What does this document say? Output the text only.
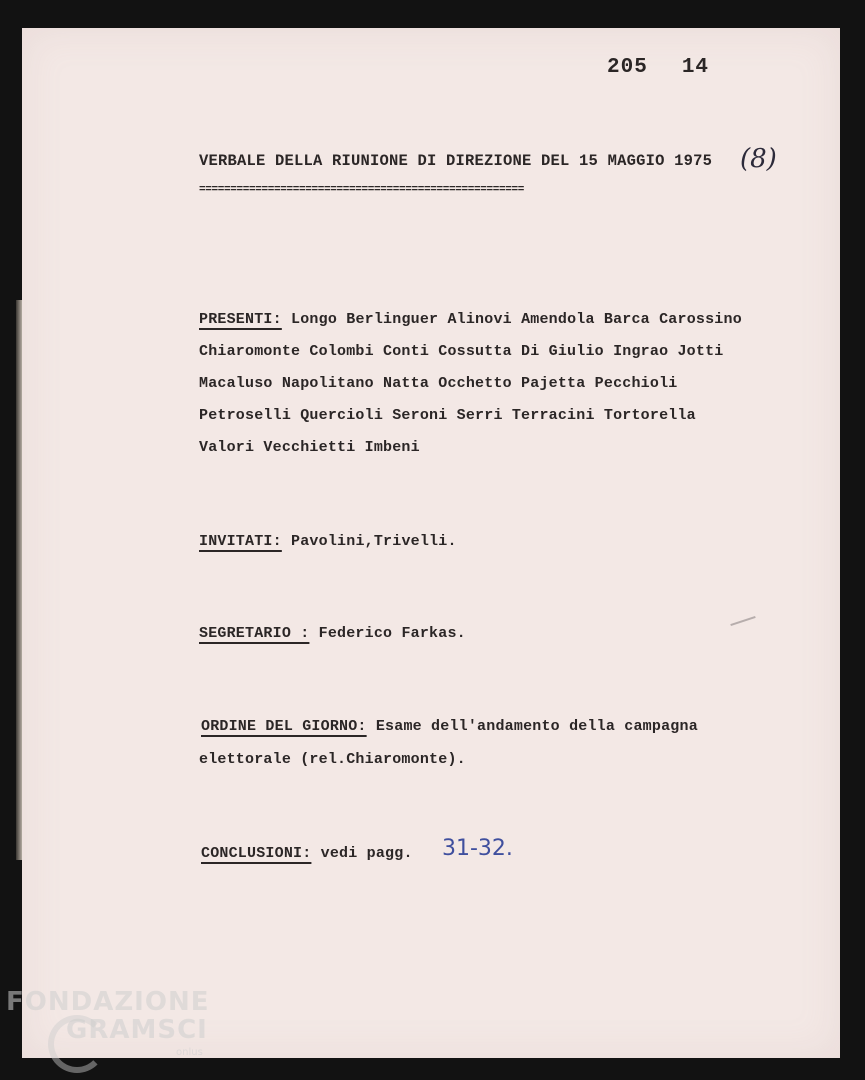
205 14
VERBALE DELLA RIUNIONE DI DIREZIONE DEL 15 MAGGIO 1975
====================================================
(8)
PRESENTI: Longo Berlinguer Alinovi Amendola Barca Carossino
Chiaromonte Colombi Conti Cossutta Di Giulio Ingrao Jotti
Macaluso Napolitano Natta Occhetto Pajetta Pecchioli
Petroselli Quercioli Seroni Serri Terracini Tortorella
Valori Vecchietti Imbeni
INVITATI: Pavolini,Trivelli.
SEGRETARIO : Federico Farkas.
ORDINE DEL GIORNO: Esame dell'andamento della campagna
elettorale (rel.Chiaromonte).
CONCLUSIONI: vedi pagg. 31-32.
FONDAZIONE
GRAMSCI
onlus
